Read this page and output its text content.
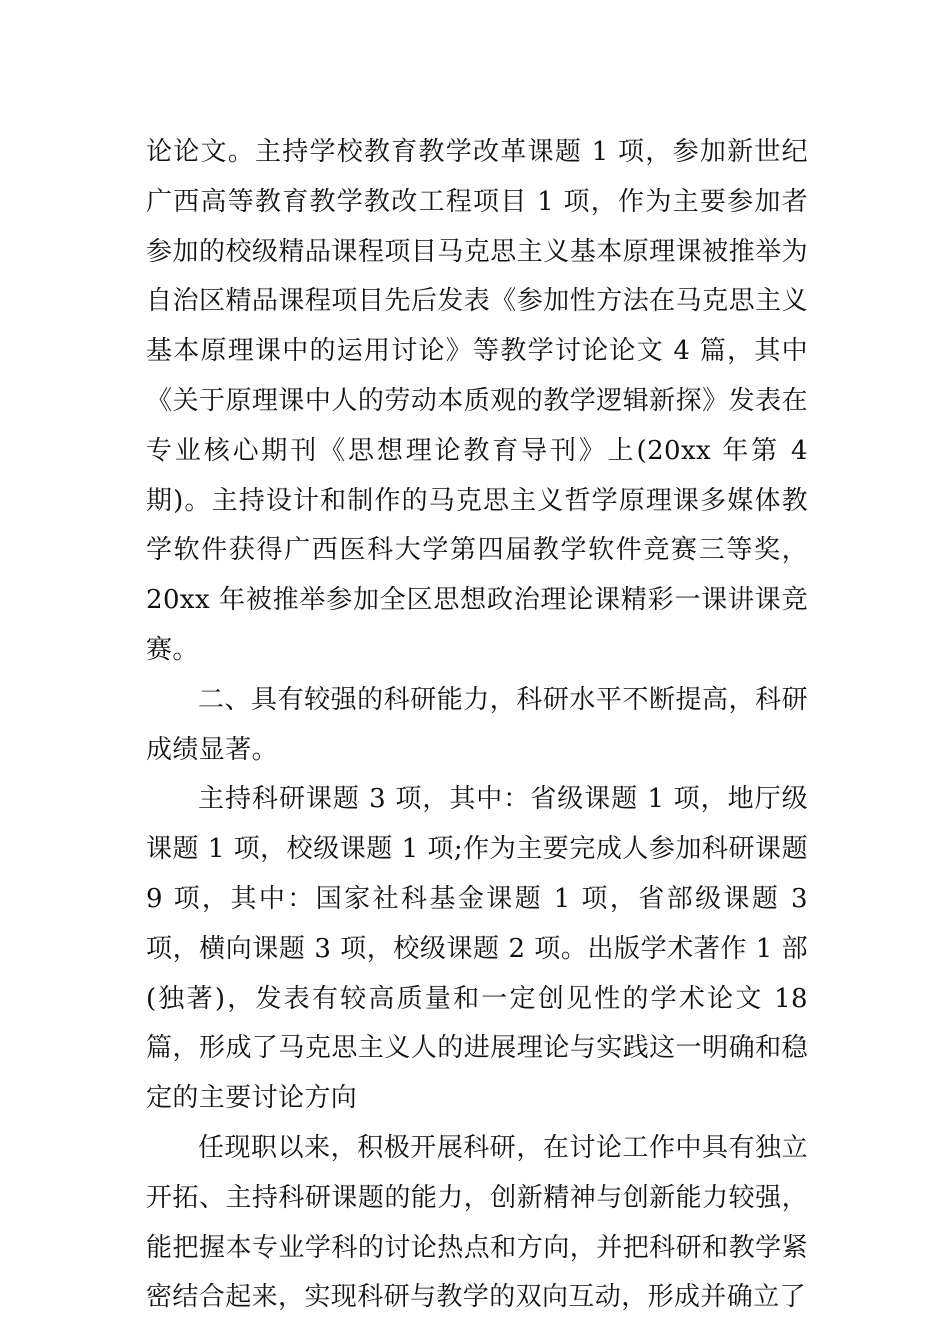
论论文。主持学校教育教学改革课题 1 项，参加新世纪广西高等教育教学教改工程项目 1 项，作为主要参加者参加的校级精品课程项目马克思主义基本原理课被推举为自治区精品课程项目先后发表《参加性方法在马克思主义基本原理课中的运用讨论》等教学讨论论文 4 篇，其中《关于原理课中人的劳动本质观的教学逻辑新探》发表在专业核心期刊《思想理论教育导刊》上(20xx 年第 4 期)。主持设计和制作的马克思主义哲学原理课多媒体教学软件获得广西医科大学第四届教学软件竞赛三等奖，20xx 年被推举参加全区思想政治理论课精彩一课讲课竞赛。

二、具有较强的科研能力，科研水平不断提高，科研成绩显著。

主持科研课题 3 项，其中：省级课题 1 项，地厅级课题 1 项，校级课题 1 项;作为主要完成人参加科研课题 9 项，其中：国家社科基金课题 1 项，省部级课题 3 项，横向课题 3 项，校级课题 2 项。出版学术著作 1 部(独著)，发表有较高质量和一定创见性的学术论文 18 篇，形成了马克思主义人的进展理论与实践这一明确和稳定的主要讨论方向

任现职以来，积极开展科研，在讨论工作中具有独立开拓、主持科研课题的能力，创新精神与创新能力较强，能把握本专业学科的讨论热点和方向，并把科研和教学紧密结合起来，实现科研与教学的双向互动，形成并确立了
